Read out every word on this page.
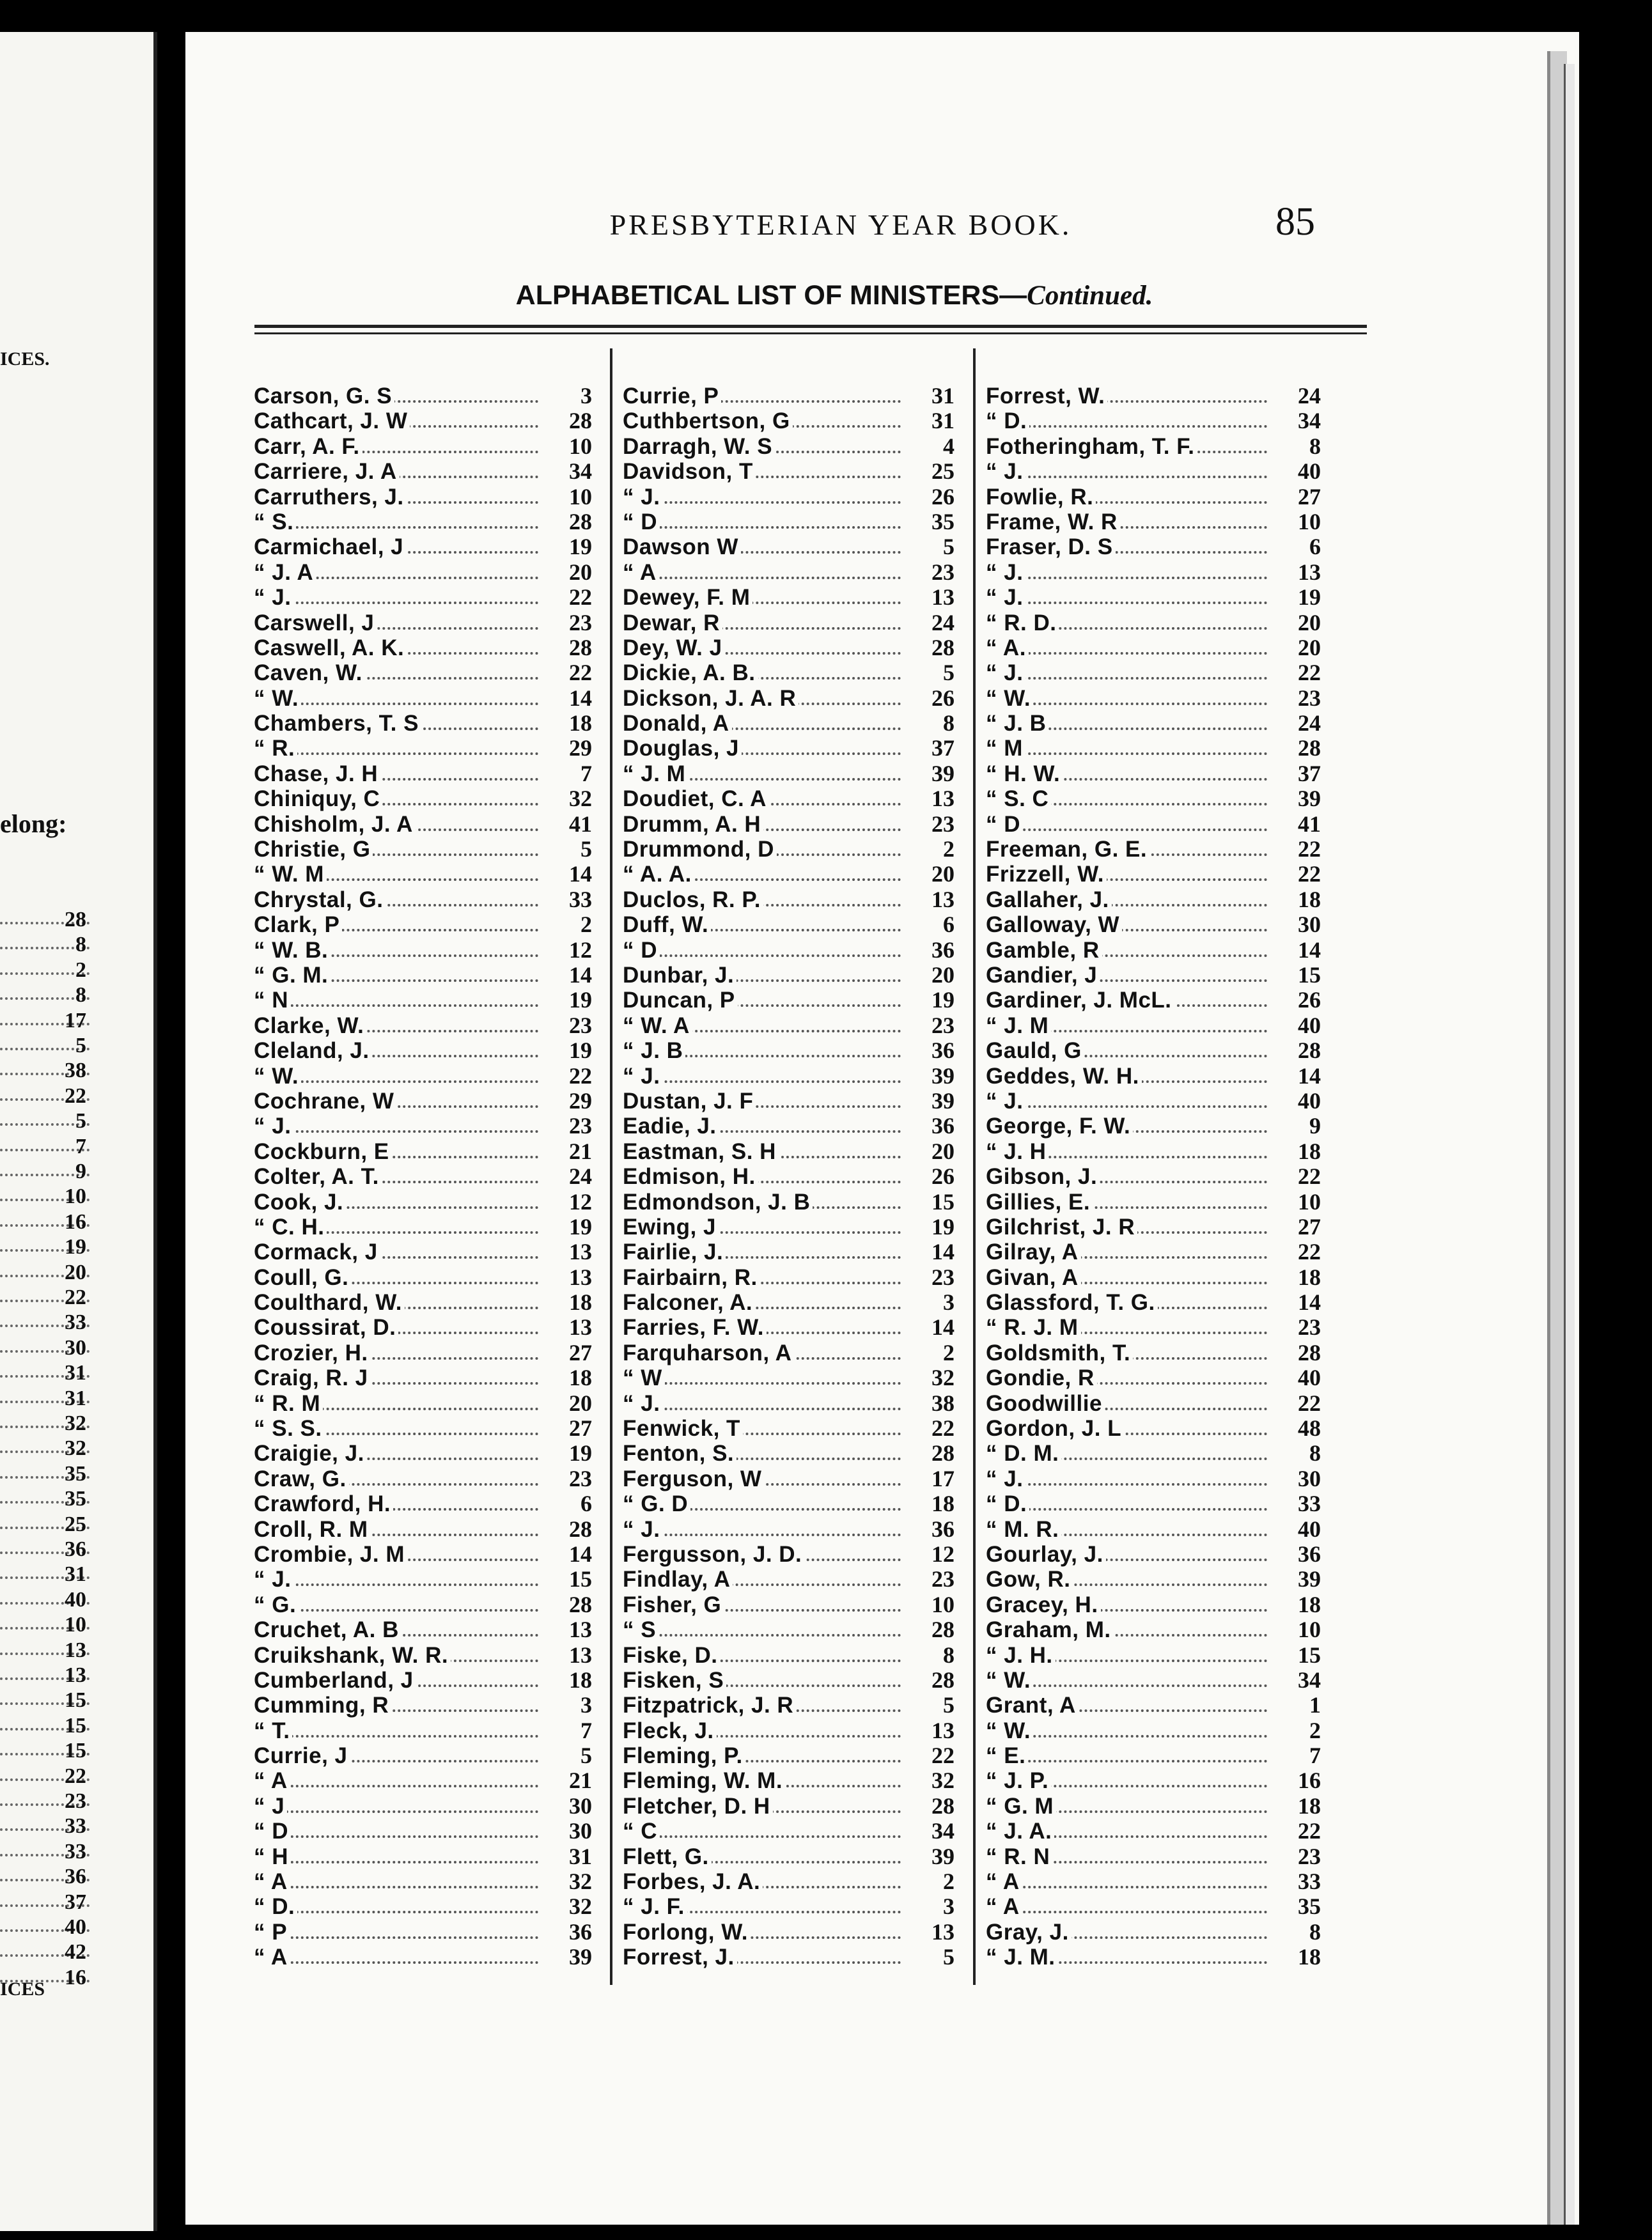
ICES.
elong:
ICES
28
8
2
8
17
5
38
22
5
7
9
10
16
19
20
22
33
30
31
31
32
32
35
35
25
36
31
40
10
13
13
15
15
15
22
23
33
33
36
37
40
42
16
PRESBYTERIAN YEAR BOOK.	85
ALPHABETICAL LIST OF MINISTERS—Continued.
Carson, G. S	3
Cathcart, J. W	28
Carr, A. F.	10
Carriere, J. A	34
Carruthers, J.	10
“ S.	28
Carmichael, J	19
“ J. A	20
“ J.	22
Carswell, J	23
Caswell, A. K.	28
Caven, W.	22
“ W.	14
Chambers, T. S	18
“ R.	29
Chase, J. H	7
Chiniquy, C	32
Chisholm, J. A	41
Christie, G	5
“ W. M	14
Chrystal, G.	33
Clark, P	2
“ W. B.	12
“ G. M.	14
“ N	19
Clarke, W.	23
Cleland, J.	19
“ W.	22
Cochrane, W	29
“ J.	23
Cockburn, E	21
Colter, A. T.	24
Cook, J.	12
“ C. H.	19
Cormack, J	13
Coull, G.	13
Coulthard, W.	18
Coussirat, D.	13
Crozier, H.	27
Craig, R. J	18
“ R. M	20
“ S. S.	27
Craigie, J.	19
Craw, G.	23
Crawford, H.	6
Croll, R. M	28
Crombie, J. M	14
“ J.	15
“ G.	28
Cruchet, A. B	13
Cruikshank, W. R.	13
Cumberland, J	18
Cumming, R	3
“ T.	7
Currie, J	5
“ A	21
“ J	30
“ D	30
“ H	31
“ A	32
“ D.	32
“ P	36
“ A	39
Currie, P	31
Cuthbertson, G	31
Darragh, W. S	4
Davidson, T	25
“ J.	26
“ D	35
Dawson W	5
“ A	23
Dewey, F. M	13
Dewar, R	24
Dey, W. J	28
Dickie, A. B.	5
Dickson, J. A. R	26
Donald, A	8
Douglas, J	37
“ J. M	39
Doudiet, C. A	13
Drumm, A. H	23
Drummond, D	2
“ A. A.	20
Duclos, R. P.	13
Duff, W.	6
“ D	36
Dunbar, J.	20
Duncan, P	19
“ W. A	23
“ J. B	36
“ J.	39
Dustan, J. F	39
Eadie, J.	36
Eastman, S. H	20
Edmison, H.	26
Edmondson, J. B	15
Ewing, J	19
Fairlie, J.	14
Fairbairn, R.	23
Falconer, A.	3
Farries, F. W.	14
Farquharson, A	2
“ W	32
“ J.	38
Fenwick, T	22
Fenton, S.	28
Ferguson, W	17
“ G. D	18
“ J.	36
Fergusson, J. D.	12
Findlay, A	23
Fisher, G	10
“ S	28
Fiske, D.	8
Fisken, S	28
Fitzpatrick, J. R	5
Fleck, J.	13
Fleming, P.	22
Fleming, W. M.	32
Fletcher, D. H	28
“ C	34
Flett, G.	39
Forbes, J. A.	2
“ J. F.	3
Forlong, W.	13
Forrest, J.	5
Forrest, W.	24
“ D.	34
Fotheringham, T. F.	8
“ J.	40
Fowlie, R.	27
Frame, W. R	10
Fraser, D. S	6
“ J.	13
“ J.	19
“ R. D.	20
“ A.	20
“ J.	22
“ W.	23
“ J. B	24
“ M	28
“ H. W.	37
“ S. C	39
“ D	41
Freeman, G. E.	22
Frizzell, W.	22
Gallaher, J.	18
Galloway, W	30
Gamble, R	14
Gandier, J	15
Gardiner, J. McL.	26
“ J. M	40
Gauld, G	28
Geddes, W. H.	14
“ J.	40
George, F. W.	9
“ J. H	18
Gibson, J.	22
Gillies, E.	10
Gilchrist, J. R	27
Gilray, A	22
Givan, A	18
Glassford, T. G.	14
“ R. J. M	23
Goldsmith, T.	28
Gondie, R	40
Goodwillie	22
Gordon, J. L	48
“ D. M.	8
“ J.	30
“ D.	33
“ M. R.	40
Gourlay, J.	36
Gow, R.	39
Gracey, H.	18
Graham, M.	10
“ J. H.	15
“ W.	34
Grant, A	1
“ W.	2
“ E.	7
“ J. P.	16
“ G. M	18
“ J. A.	22
“ R. N	23
“ A	33
“ A	35
Gray, J.	8
“ J. M.	18
